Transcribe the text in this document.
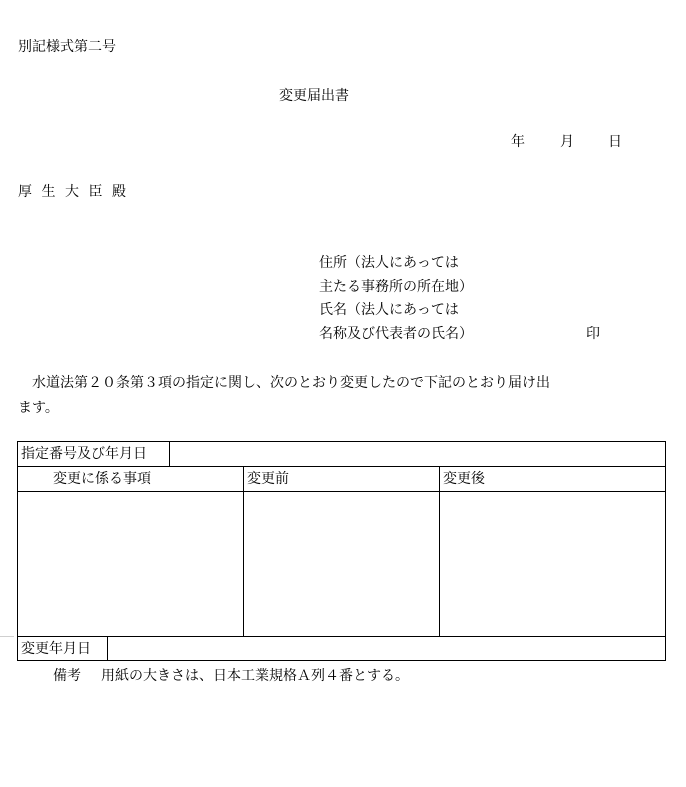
別記様式第二号
変更届出書
年	月 日
厚生大臣殿
住所（法人にあっては
主たる事務所の所在地）
氏名（法人にあっては
名称及び代表者の氏名）	印
水道法第２０条第３項の指定に関し、次のとおり変更したので下記のとおり届け出
ます。
指定番号及び年月日
変更に係る事項	変更前	変更後
変更年月日
備考 用紙の大きさは、日本工業規格Ａ列４番とする。
